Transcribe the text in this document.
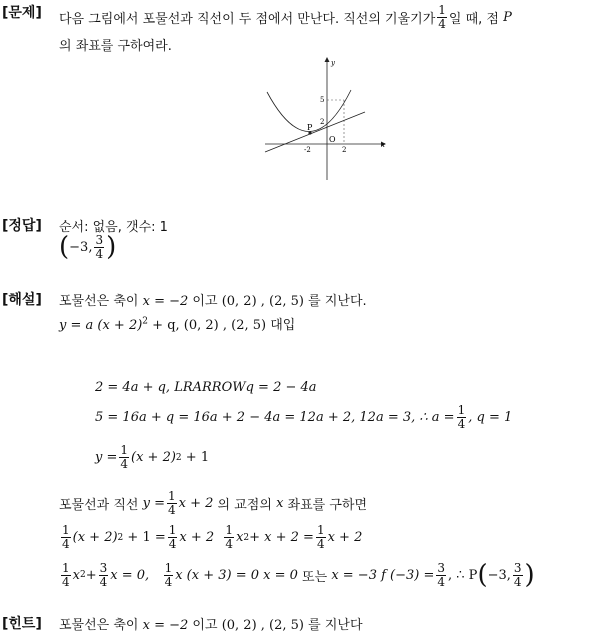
[문제] 다음 그림에서 포물선과 직선이 두 점에서 만난다. 직선의 기울기가 $\frac{1}{4}$ 일 때, 점
P
의 좌표를 구하여라.
P
y
x
O
5
2
-2	2
[정답] 순서: 없음, 갯수: 1
( −3, $\frac{3}{4}$ )
[해설] 포물선은 축이 x = −2 이고 (0, 2) , (2, 5) 를 지난다.
y = a $(x + 2)^2 + q$, (0, 2) , (2, 5) 대입
2 = 4a + q, LRARROWq = 2 − 4a
5 = 16a + q = 16a + 2 − 4a = 12a + 2, 12a = 3, ∴ $a = \frac{1}{4}$ , q = 1
$y = \frac{1}{4} (x + 2)$ 2
+ 1
포물선과 직선
$y = \frac{1}{4}$ x + 2
의 교점의
x
좌표를 구하면
$\frac{1}{4} (x + 2)$ 2
+ $1 = \frac{1}{4}$ x + 2
$\frac{1}{4}$ x $2 + x + 2 = \frac{1}{4}$ x + 2
$\frac{1}{4}$ x $2 + \frac{3}{4}$ x = 0,
$\frac{1}{4}$ x (x + 3) = 0 x = 0
또는
x = −3 f $(-3) = \frac{3}{4}$ , ∴ P ( −3, $\frac{3}{4}$ )
[힌트] 포물선은 축이 x = −2 이고 (0, 2) , (2, 5) 를 지난다
